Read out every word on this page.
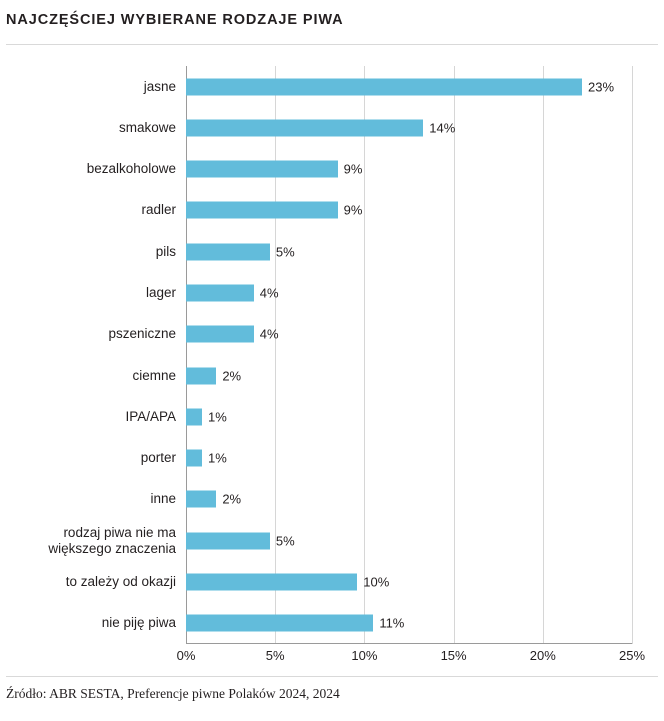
NAJCZĘŚCIEJ WYBIERANE RODZAJE PIWA
jasne	23%
smakowe	14%
bezalkoholowe	9%
radler	9%
pils	5%
lager	4%
pszeniczne	4%
ciemne	2%
IPA/APA 1%
porter 1%
inne	2%
rodzaj piwa nie ma większego znaczenia	5%
to zależy od okazji	10%
nie piję piwa	11%
0%	5%	10%	15%	20%	25%
Źródło: ABR SESTA, Preferencje piwne Polaków 2024, 2024
